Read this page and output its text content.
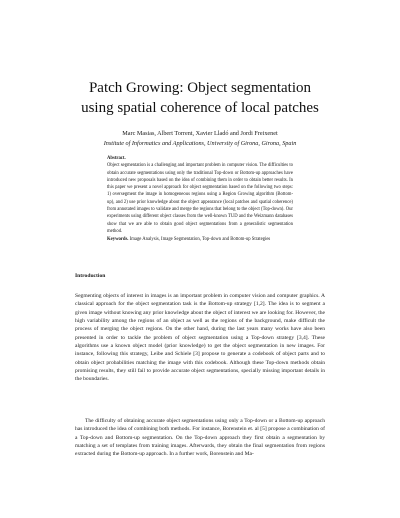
Patch Growing: Object segmentation
using spatial coherence of local patches
Marc Masias, Albert Torrent, Xavier Lladó and Jordi Freixenet
Institute of Informatics and Applications, University of Girona, Girona, Spain
Abstract.
Object segmentation is a challenging and important problem in computer vision. The difficulties to obtain accurate segmentations using only the traditional Top-down or Bottom-up approaches have introduced new proposals based on the idea of combining them in order to obtain better results. In this paper we present a novel approach for object segmentation based on the following two steps: 1) oversegment the image in homogeneous regions using a Region Growing algorithm (Bottom-up), and 2) use prior knowledge about the object appearance (local patches and spatial coherence) from annotated images to validate and merge the regions that belong to the object (Top-down). Our experiments using different object classes from the well-known TUD and the Weizmann databases show that we are able to obtain good object segmentations from a generalistic segmentation method.
Keywords. Image Analysis, Image Segmentation, Top-down and Bottom-up Strategies
Introduction
Segmenting objects of interest in images is an important problem in computer vision and computer graphics. A classical approach for the object segmentation task is the Bottom-up strategy [1,2]. The idea is to segment a given image without knowing any prior knowledge about the object of interest we are looking for. However, the high variability among the regions of an object as well as the regions of the background, make difficult the process of merging the object regions. On the other hand, during the last years many works have also been presented in order to tackle the problem of object segmentation using a Top-down strategy [3,4]. These algorithms use a known object model (prior knowledge) to get the object segmentation in new images. For instance, following this strategy, Leibe and Schiele [3] propose to generate a codebook of object parts and to obtain object probabilities matching the image with this codebook. Although these Top-down methods obtain promising results, they still fail to provide accurate object segmentations, specially missing important details in the boundaries.
The difficulty of obtaining accurate object segmentations using only a Top-down or a Bottom-up approach has introduced the idea of combining both methods. For instance, Borenstein et. al [5] propose a combination of a Top-down and Bottom-up segmentation. On the Top-down approach they first obtain a segmentation by matching a set of templates from training images. Afterwards, they obtain the final segmentation from regions extracted during the Bottom-up approach. In a further work, Borenstein and Ma-
